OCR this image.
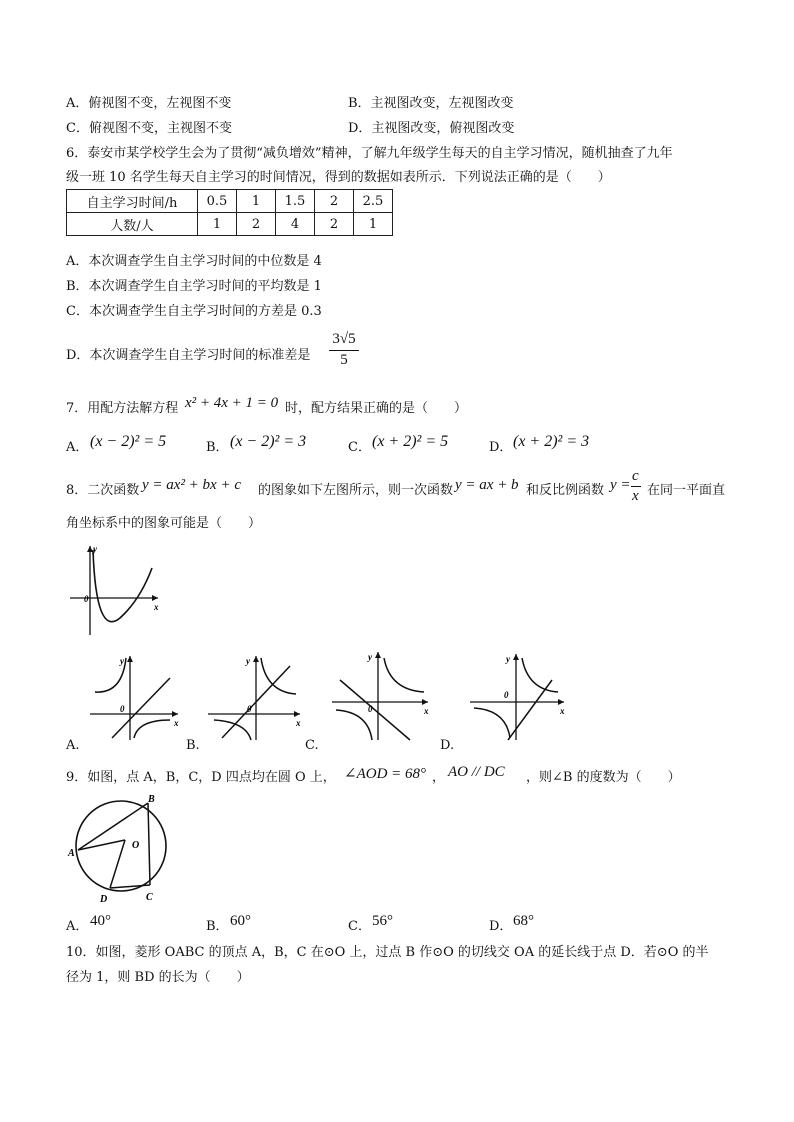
A．俯视图不变，左视图不变	B．主视图改变，左视图改变
C．俯视图不变，主视图不变	D．主视图改变，俯视图改变
6．泰安市某学校学生会为了贯彻“减负增效”精神，了解九年级学生每天的自主学习情况，随机抽查了九年
级一班 10 名学生每天自主学习的时间情况，得到的数据如表所示．下列说法正确的是（　　）
自主学习时间/h	0.5	1	1.5	2	2.5
人数/人	1	2	4	2	1
A．本次调查学生自主学习时间的中位数是 4
B．本次调查学生自主学习时间的平均数是 1
C．本次调查学生自主学习时间的方差是 0.3
D．本次调查学生自主学习时间的标准差是
3√5
5
7．用配方法解方程 x² + 4x + 1 = 0 时，配方结果正确的是（　　）
A． (x − 2)² = 5	B． (x − 2)² = 3	C． (x + 2)² = 5	D． (x + 2)² = 3
8．二次函数 y = ax² + bx + c 的图象如下左图所示，则一次函数 y = ax + b 和反比例函数 y =
c
x 在同一平面直
角坐标系中的图象可能是（　　）
0
x
y
0
x
y
0
x
y
0	x
y
0
x
y
A.	B.	C.	D.
9．如图，点 A，B，C，D 四点均在圆 O 上， ∠AOD = 68° ， AO // DC ，则∠B 的度数为（　　）
B
A
O
D	C
A． 40°	B． 60°	C． 56°	D． 68°
10．如图，菱形 OABC 的顶点 A，B，C 在⊙O 上，过点 B 作⊙O 的切线交 OA 的延长线于点 D．若⊙O 的半
径为 1，则 BD 的长为（　　）
